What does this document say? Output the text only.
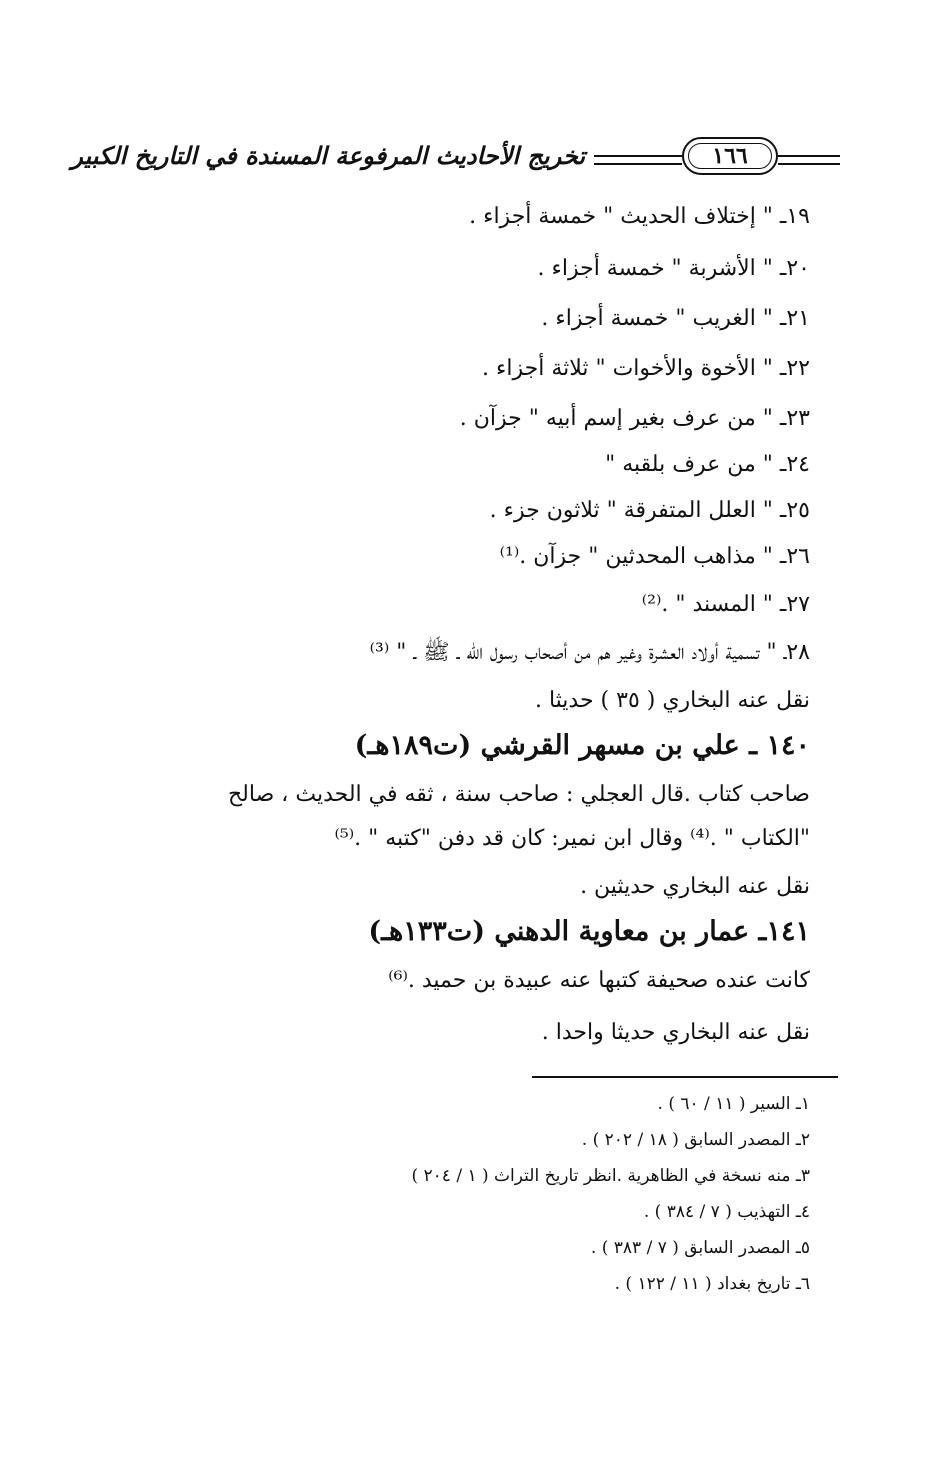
١٦٦
تخريج الأحاديث المرفوعة المسندة في التاريخ الكبير
١٩ـ " إختلاف الحديث " خمسة أجزاء .
٢٠ـ " الأشربة " خمسة أجزاء .
٢١ـ " الغريب " خمسة أجزاء .
٢٢ـ " الأخوة والأخوات " ثلاثة أجزاء .
٢٣ـ " من عرف بغير إسم أبيه " جزآن .
٢٤ـ " من عرف بلقبه "
٢٥ـ " العلل المتفرقة " ثلاثون جزء .
٢٦ـ " مذاهب المحدثين " جزآن .⁽¹⁾
٢٧ـ " المسند " .⁽²⁾
٢٨ـ " تسمية أولاد العشرة وغير هم من أصحاب رسول الله ـ ﷺ ـ " ⁽³⁾
نقل عنه البخاري ( ٣٥ ) حديثا .
١٤٠ ـ علي بن مسهر القرشي (ت١٨٩هـ)
صاحب كتاب .قال العجلي : صاحب سنة ، ثقه في الحديث ، صالح
"الكتاب " .⁽⁴⁾ وقال ابن نمير: كان قد دفن "كتبه " .⁽⁵⁾
نقل عنه البخاري حديثين .
١٤١ـ عمار بن معاوية الدهني (ت١٣٣هـ)
كانت عنده صحيفة كتبها عنه عبيدة بن حميد .⁽⁶⁾
نقل عنه البخاري حديثا واحدا .
١ـ السير ( ١١ / ٦٠ ) .
٢ـ المصدر السابق ( ١٨ / ٢٠٢ ) .
٣ـ منه نسخة في الظاهرية .انظر تاريخ التراث ( ١ / ٢٠٤ )
٤ـ التهذيب ( ٧ / ٣٨٤ ) .
٥ـ المصدر السابق ( ٧ / ٣٨٣ ) .
٦ـ تاريخ بغداد ( ١١ / ١٢٢ ) .
